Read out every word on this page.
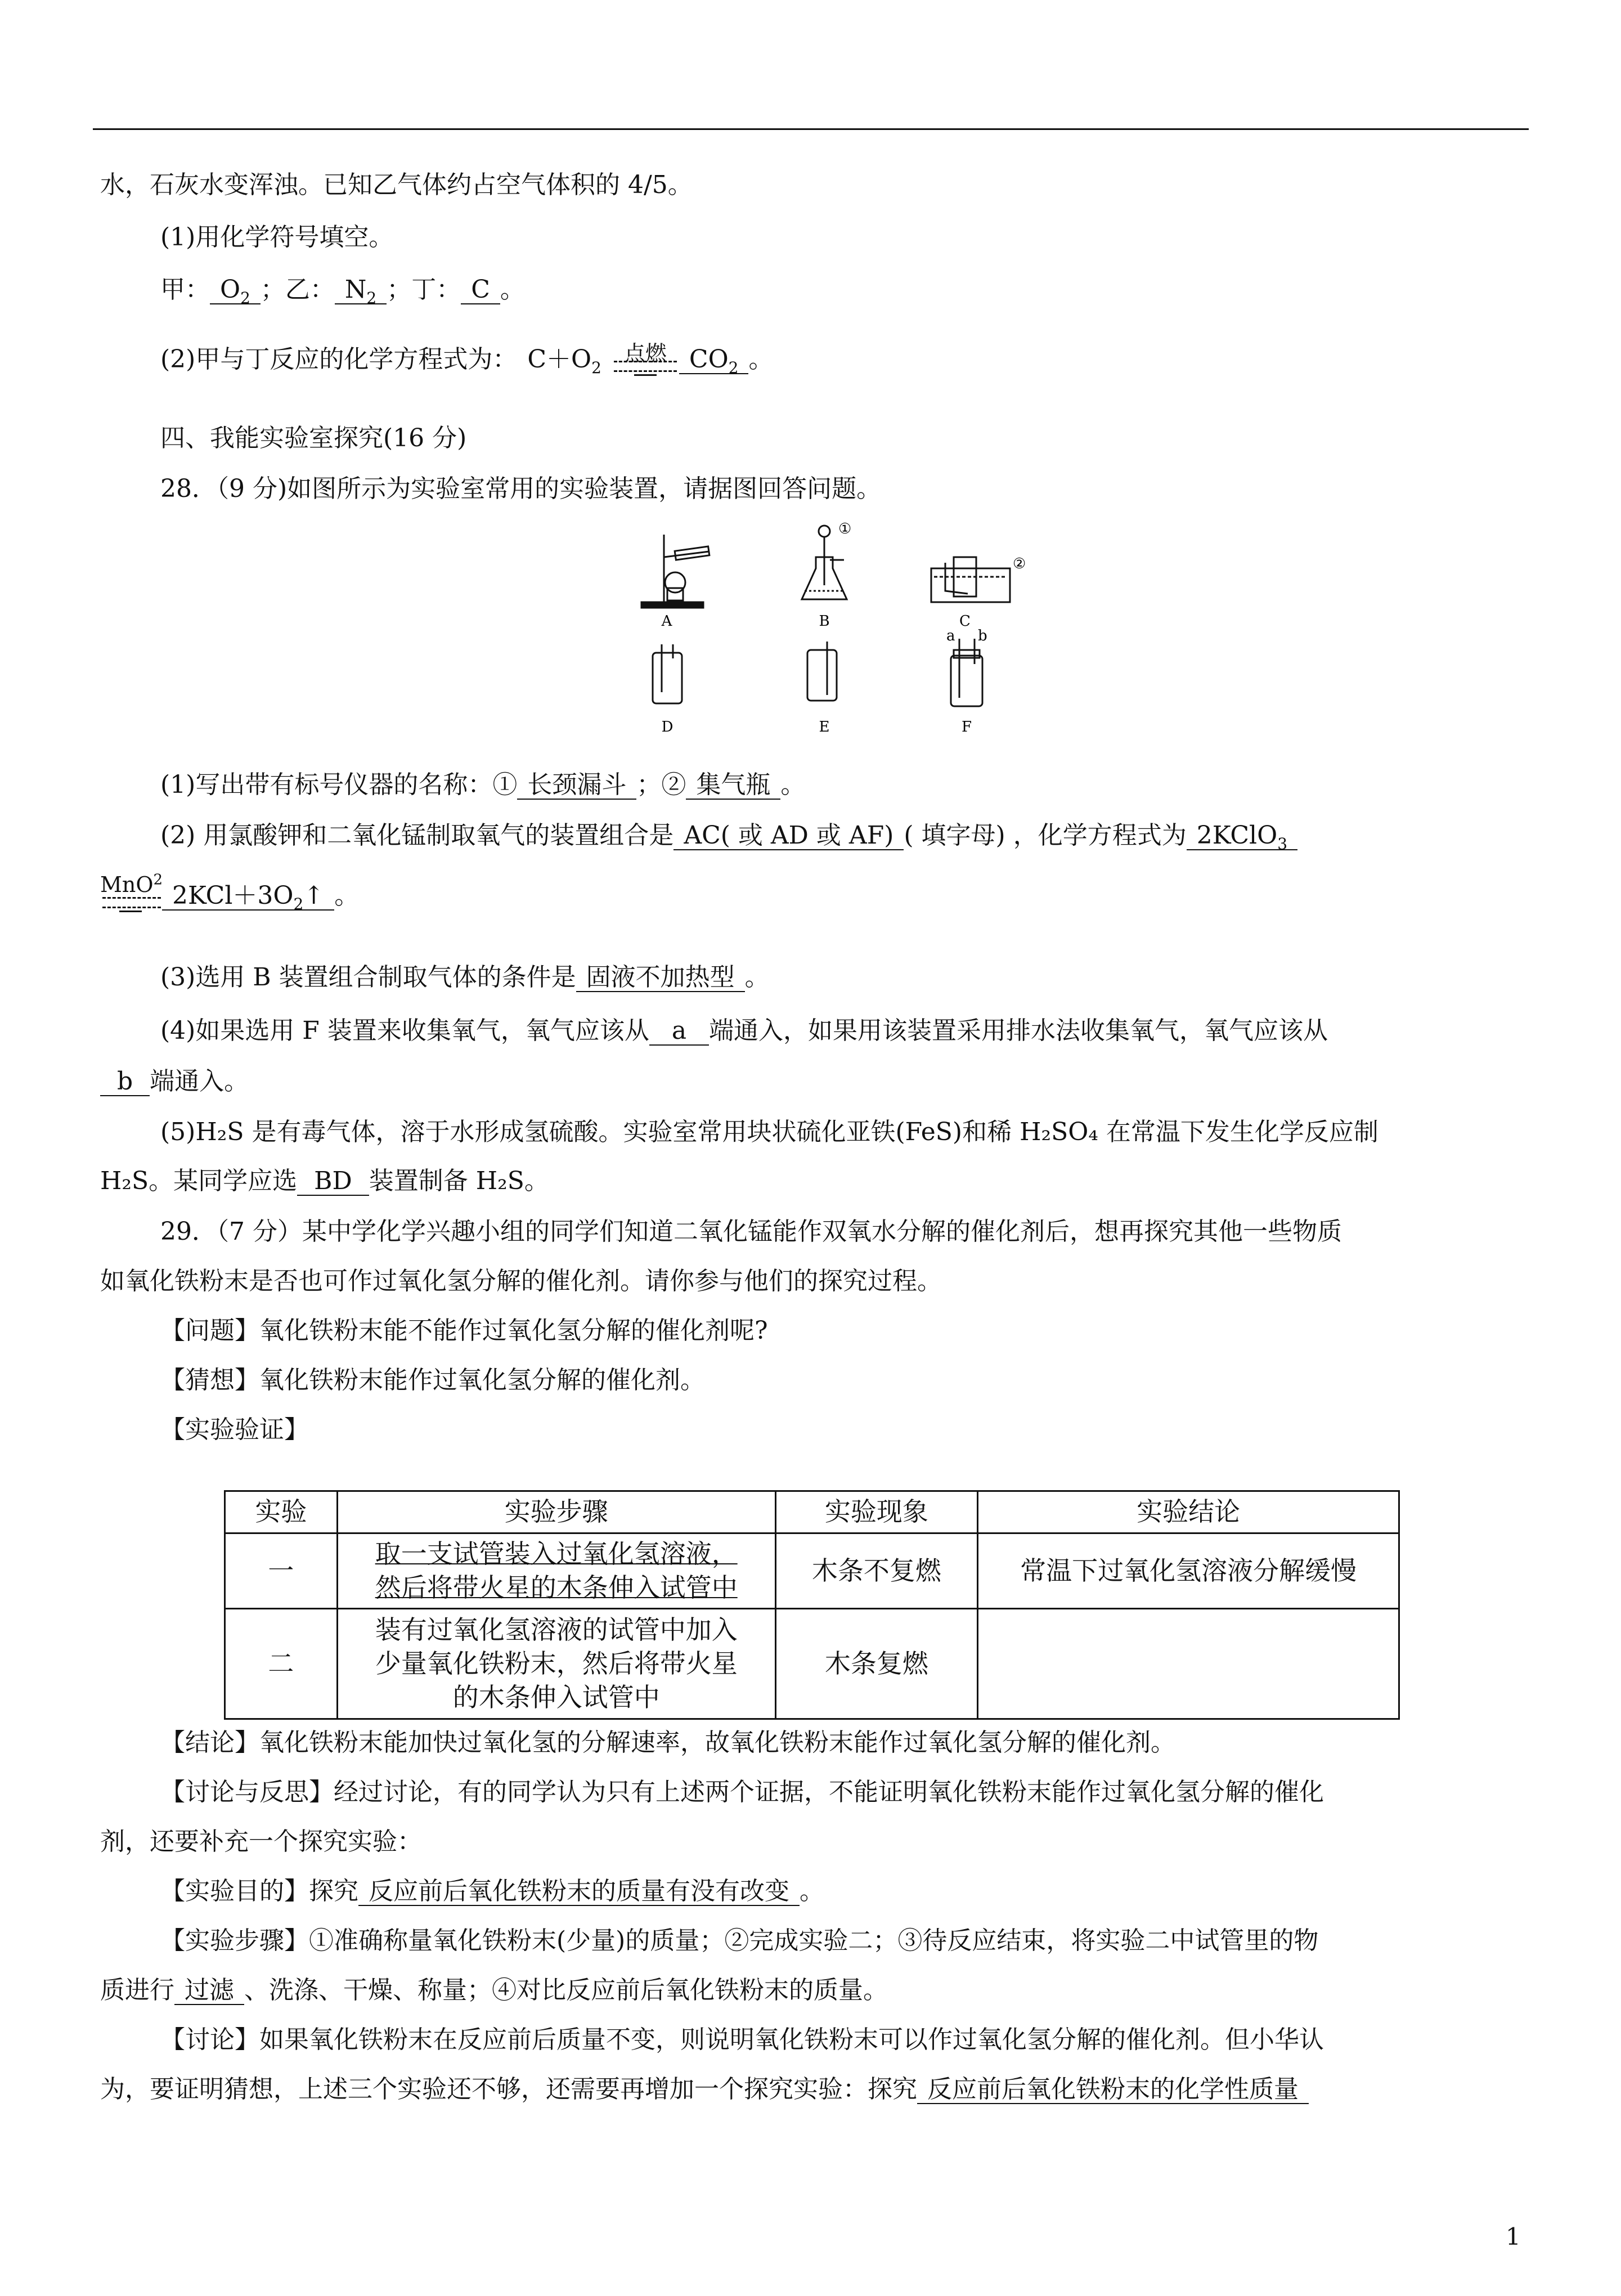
水，石灰水变浑浊。已知乙气体约占空气体积的 4/5。
(1)用化学符号填空。
甲： $O_2$ ；乙： $N_2$ ；丁： C 。
(2)甲与丁反应的化学方程式为： $C+O_2$
点燃 $CO_2$ 。
四、我能实验室探究(16 分)
28．（9 分)如图所示为实验室常用的实验装置，请据图回答问题。
A
①
B
②
C
D	E
a b
F
(1)写出带有标号仪器的名称：① 长颈漏斗 ；② 集气瓶 。
(2) 用氯酸钾和二氧化锰制取氧气的装置组合是 AC( 或 AD 或 AF) ( 填字母) ，化学方程式为 2KClO$_3$
MnO$^2$
$2KCl+3O_2↑$ 。
(3)选用 B 装置组合制取气体的条件是 固液不加热型 。
(4)如果选用 F 装置来收集氧气，氧气应该从 a 端通入，如果用该装置采用排水法收集氧气，氧气应该从
b 端通入。
(5)H₂S 是有毒气体，溶于水形成氢硫酸。实验室常用块状硫化亚铁(FeS)和稀 H₂SO₄ 在常温下发生化学反应制
H₂S。某同学应选 BD 装置制备 H₂S。
29．（7 分）某中学化学兴趣小组的同学们知道二氧化锰能作双氧水分解的催化剂后，想再探究其他一些物质
如氧化铁粉末是否也可作过氧化氢分解的催化剂。请你参与他们的探究过程。
【问题】氧化铁粉末能不能作过氧化氢分解的催化剂呢?
【猜想】氧化铁粉末能作过氧化氢分解的催化剂。
【实验验证】
实验	实验步骤	实验现象	实验结论
一	取一支试管装入过氧化氢溶液，
然后将带火星的木条伸入试管中	木条不复燃	常温下过氧化氢溶液分解缓慢
二	装有过氧化氢溶液的试管中加入
少量氧化铁粉末，然后将带火星
的木条伸入试管中	木条复燃	
【结论】氧化铁粉末能加快过氧化氢的分解速率，故氧化铁粉末能作过氧化氢分解的催化剂。
【讨论与反思】经过讨论，有的同学认为只有上述两个证据，不能证明氧化铁粉末能作过氧化氢分解的催化
剂，还要补充一个探究实验：
【实验目的】探究 反应前后氧化铁粉末的质量有没有改变 。
【实验步骤】①准确称量氧化铁粉末(少量)的质量；②完成实验二；③待反应结束，将实验二中试管里的物
质进行 过滤 、洗涤、干燥、称量；④对比反应前后氧化铁粉末的质量。
【讨论】如果氧化铁粉末在反应前后质量不变，则说明氧化铁粉末可以作过氧化氢分解的催化剂。但小华认
为，要证明猜想，上述三个实验还不够，还需要再增加一个探究实验：探究 反应前后氧化铁粉末的化学性质量
1
